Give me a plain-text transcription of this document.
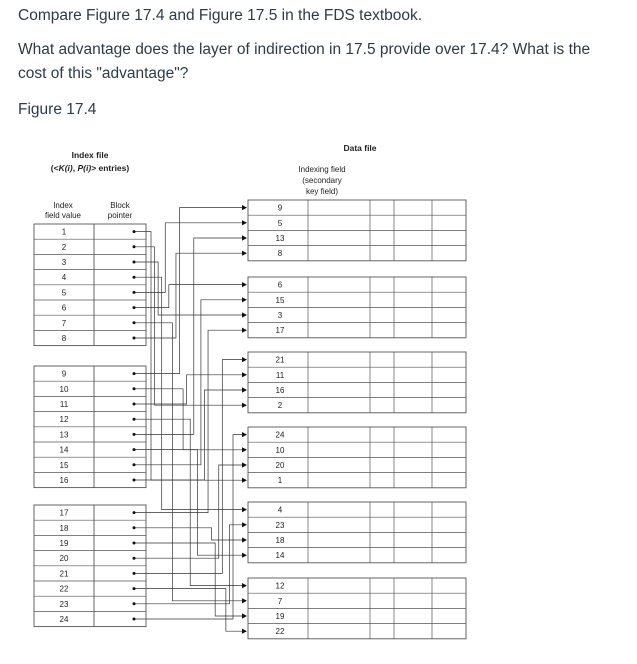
Compare Figure 17.4 and Figure 17.5 in the FDS textbook.

What advantage does the layer of indirection in 17.5 provide over 17.4? What is the cost of this "advantage"?

Figure 17.4

Index file
(<K(i), P(i)> entries)
Index
field value
Block
pointer
Data file
Indexing field
(secondary
key field)
1
2
3
4
5
6
7
8
9
10
11
12
13
14
15
16
17
18
19
20
21
22
23
24
9
5
13
8
6
15
3
17
21
11
16
2
24
10
20
1
4
23
18
14
12
7
19
22
